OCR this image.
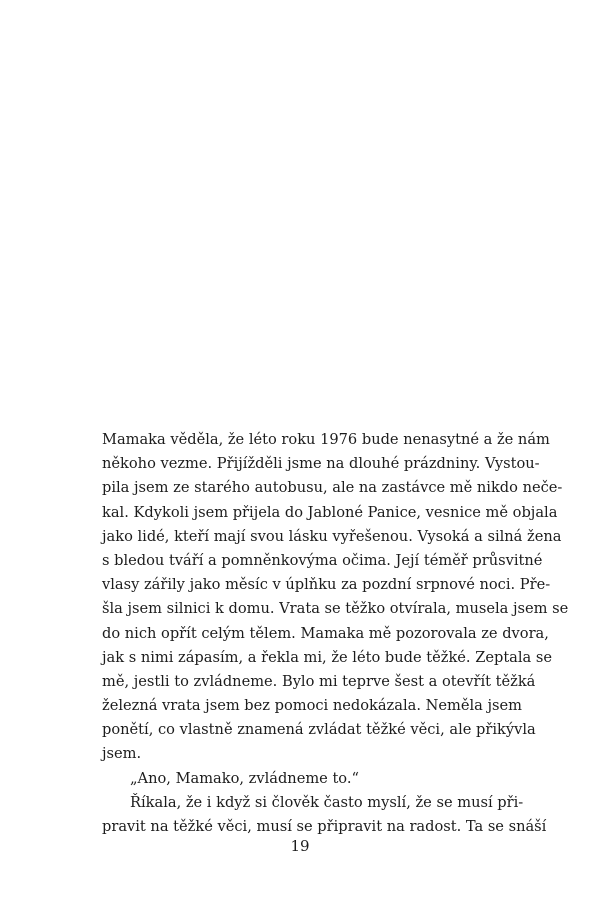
Mamaka věděla, že léto roku 1976 bude nenasytné a že nám
někoho vezme. Přijížděli jsme na dlouhé prázdniny. Vystou-
pila jsem ze starého autobusu, ale na zastávce mě nikdo neče-
kal. Kdykoli jsem přijela do Jabloné Panice, vesnice mě objala
jako lidé, kteří mají svou lásku vyřešenou. Vysoká a silná žena
s bledou tváří a pomněnkovýma očima. Její téměř průsvitné
vlasy zářily jako měsíc v úplňku za pozdní srpnové noci. Pře-
šla jsem silnici k domu. Vrata se těžko otvírala, musela jsem se
do nich opřít celým tělem. Mamaka mě pozorovala ze dvora,
jak s nimi zápasím, a řekla mi, že léto bude těžké. Zeptala se
mě, jestli to zvládneme. Bylo mi teprve šest a otevřít těžká
železná vrata jsem bez pomoci nedokázala. Neměla jsem
ponětí, co vlastně znamená zvládat těžké věci, ale přikývla
jsem.
„Ano, Mamako, zvládneme to.“
Říkala, že i když si člověk často myslí, že se musí při-
pravit na těžké věci, musí se připravit na radost. Ta se snáší
19
